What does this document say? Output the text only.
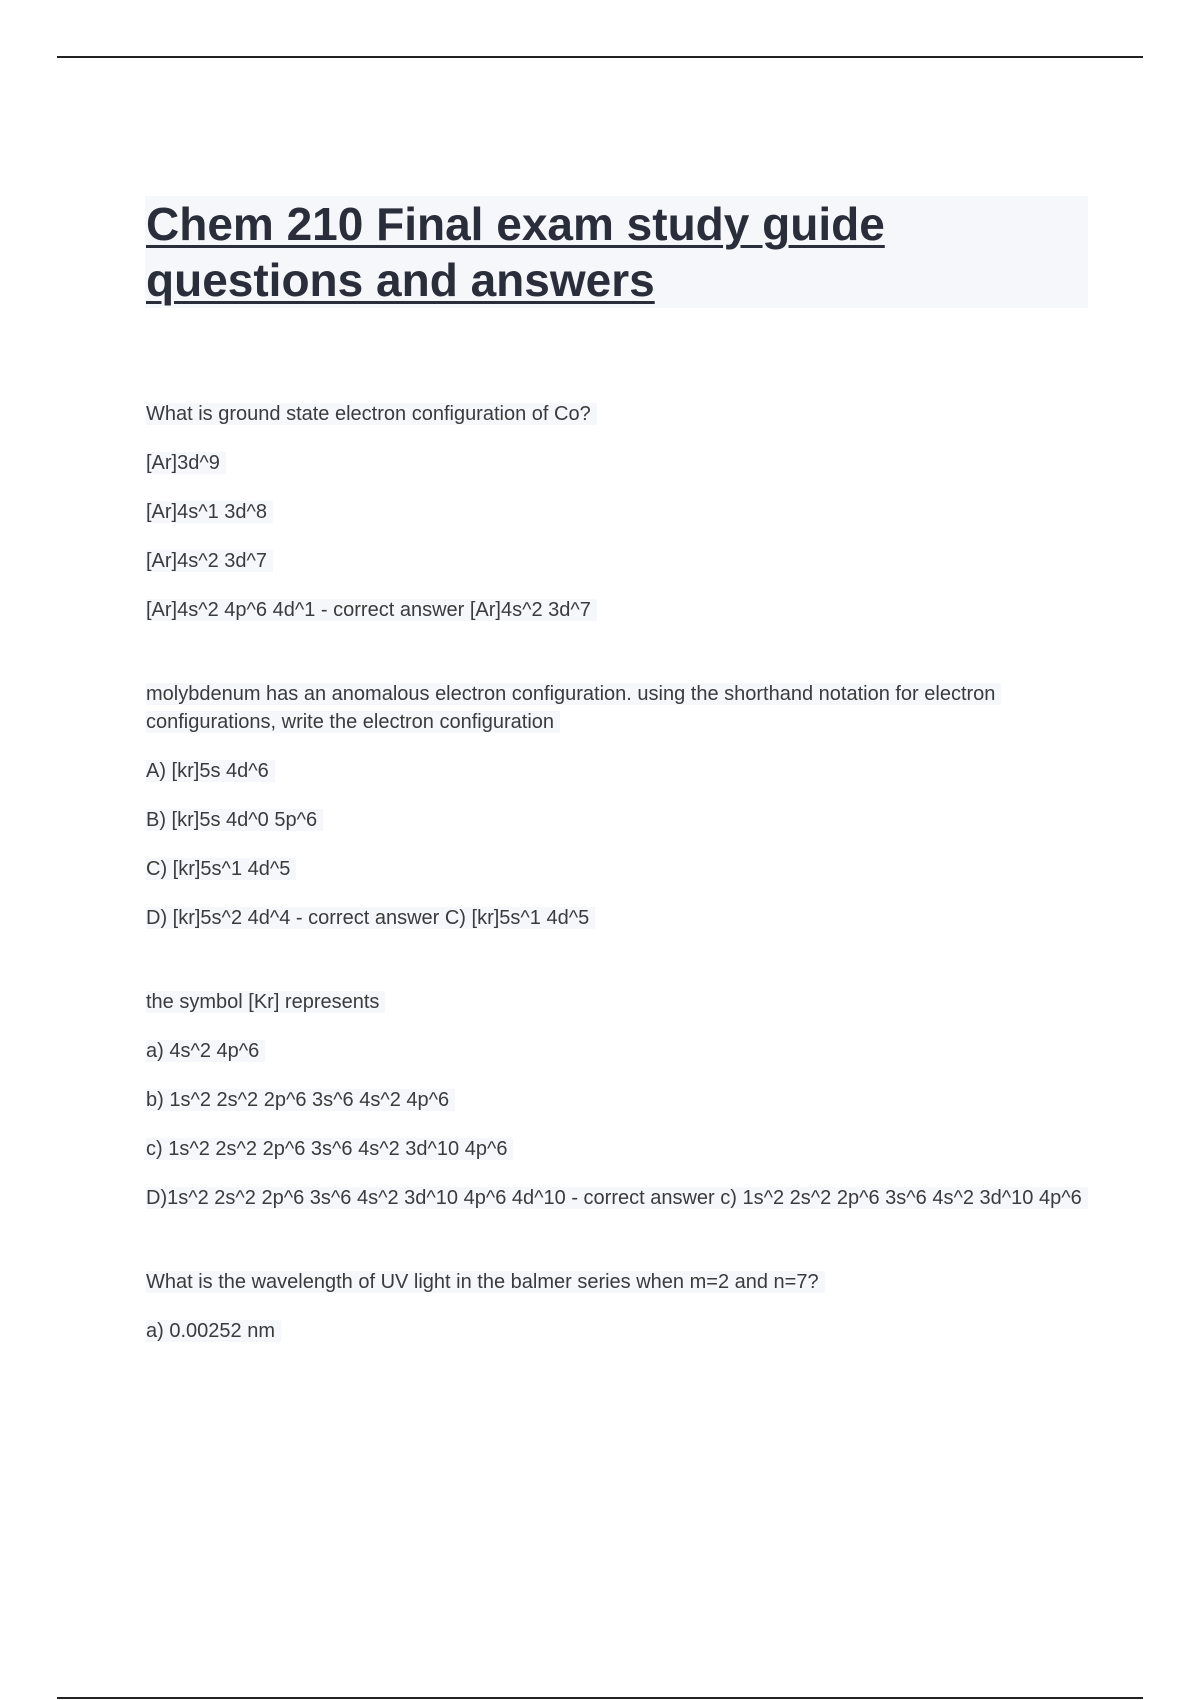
Chem 210 Final exam study guide questions and answers
What is ground state electron configuration of Co?
[Ar]3d^9
[Ar]4s^1 3d^8
[Ar]4s^2 3d^7
[Ar]4s^2 4p^6 4d^1 - correct answer [Ar]4s^2 3d^7
molybdenum has an anomalous electron configuration. using the shorthand notation for electron configurations, write the electron configuration
A) [kr]5s 4d^6
B) [kr]5s 4d^0 5p^6
C) [kr]5s^1 4d^5
D) [kr]5s^2 4d^4 - correct answer C) [kr]5s^1 4d^5
the symbol [Kr] represents
a) 4s^2 4p^6
b) 1s^2 2s^2 2p^6 3s^6 4s^2 4p^6
c) 1s^2 2s^2 2p^6 3s^6 4s^2 3d^10 4p^6
D)1s^2 2s^2 2p^6 3s^6 4s^2 3d^10 4p^6 4d^10 - correct answer c) 1s^2 2s^2 2p^6 3s^6 4s^2 3d^10 4p^6
What is the wavelength of UV light in the balmer series when m=2 and n=7?
a) 0.00252 nm
